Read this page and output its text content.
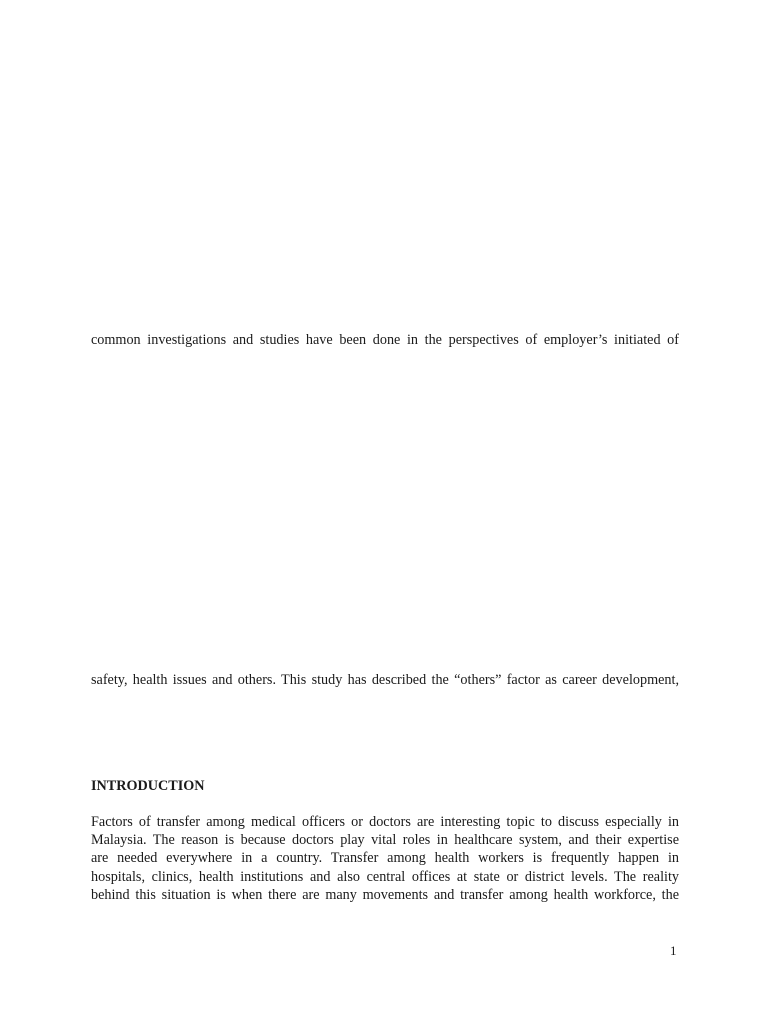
common investigations and studies have been done in the perspectives of employer’s initiated of
safety, health issues and others. This study has described the “others” factor as career development,
INTRODUCTION
Factors of transfer among medical officers or doctors are interesting topic to discuss especially in
Malaysia. The reason is because doctors play vital roles in healthcare system, and their expertise
are needed everywhere in a country. Transfer among health workers is frequently happen in
hospitals, clinics, health institutions and also central offices at state or district levels. The reality
behind this situation is when there are many movements and transfer among health workforce, the
1
